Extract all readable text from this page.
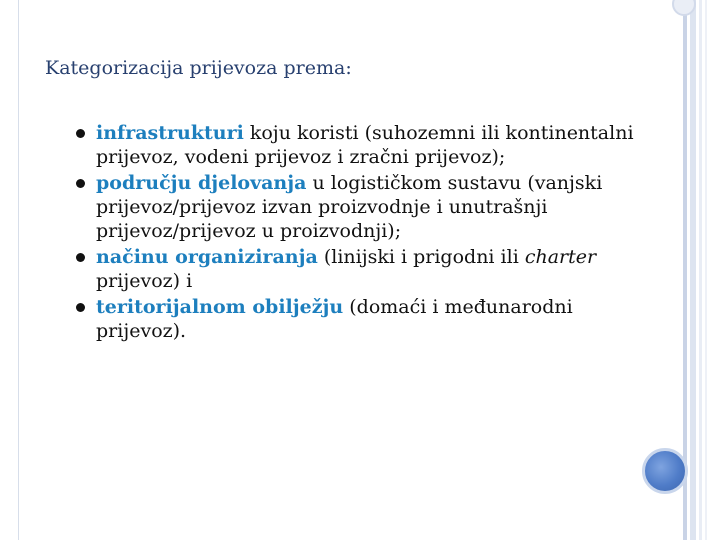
Kategorizacija prijevoza prema:

infrastrukturi koju koristi (suhozemni ili kontinentalni prijevoz, vodeni prijevoz i zračni prijevoz);
području djelovanja u logističkom sustavu (vanjski prijevoz/prijevoz izvan proizvodnje i unutrašnji prijevoz/prijevoz u proizvodnji);
načinu organiziranja (linijski i prigodni ili charter prijevoz) i
teritorijalnom obilježju (domaći i međunarodni prijevoz).
